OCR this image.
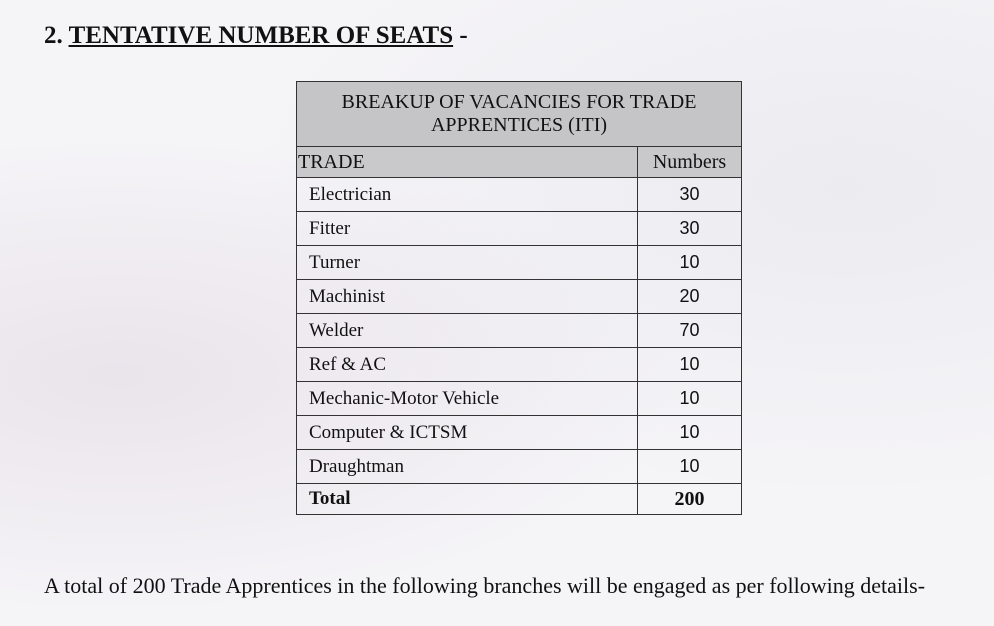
2. TENTATIVE NUMBER OF SEATS -
BREAKUP OF VACANCIES FOR TRADE APPRENTICES (ITI)	
TRADE	Numbers
Electrician	30
Fitter	30
Turner	10
Machinist	20
Welder	70
Ref & AC	10
Mechanic-Motor Vehicle	10
Computer & ICTSM	10
Draughtman	10
Total	200
A total of 200 Trade Apprentices in the following branches will be engaged as per following details-
